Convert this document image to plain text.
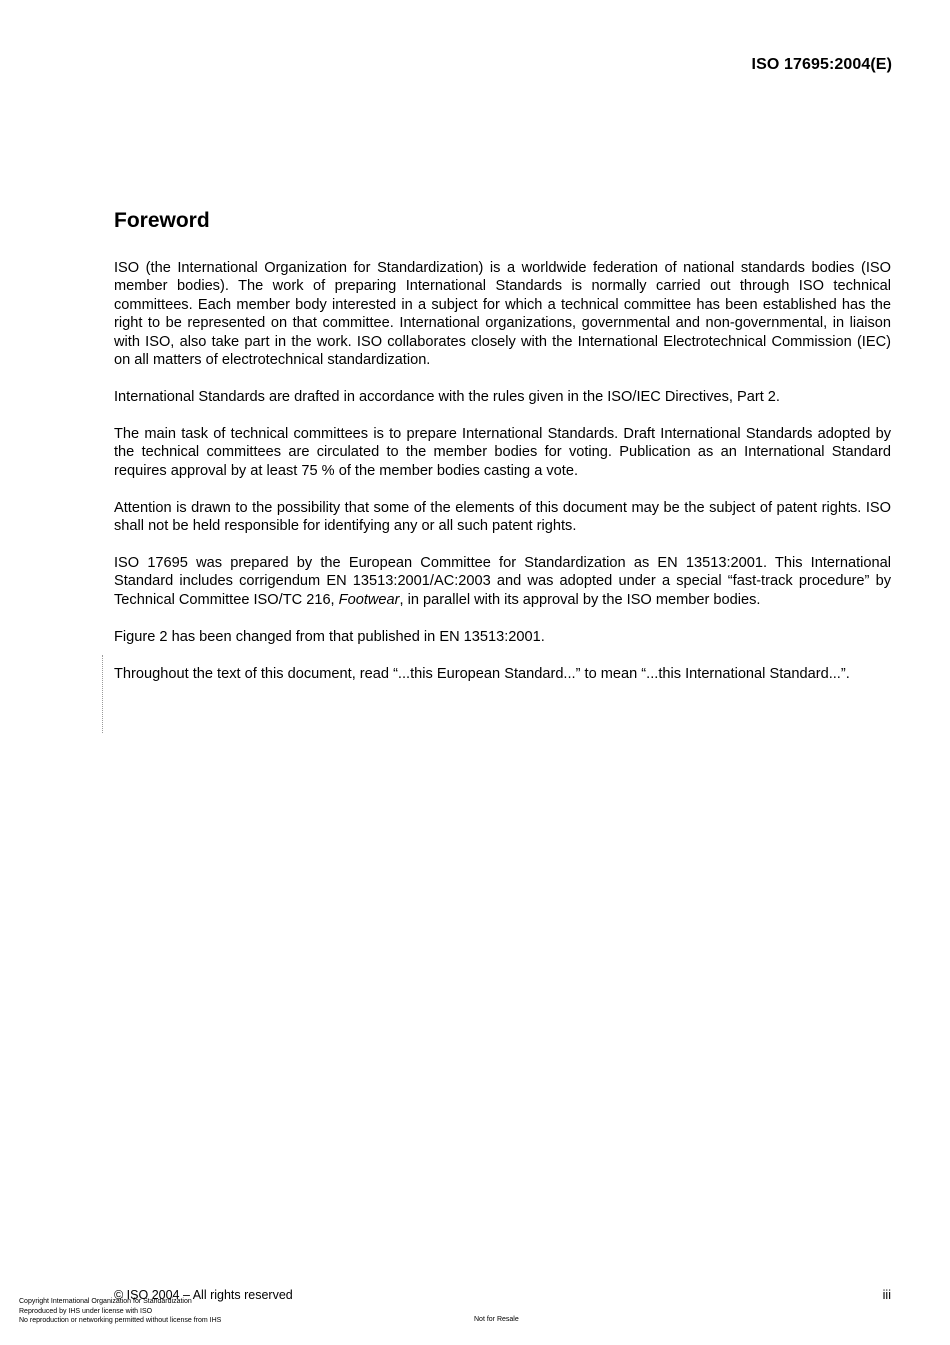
ISO 17695:2004(E)
Foreword

ISO (the International Organization for Standardization) is a worldwide federation of national standards bodies (ISO member bodies). The work of preparing International Standards is normally carried out through ISO technical committees. Each member body interested in a subject for which a technical committee has been established has the right to be represented on that committee. International organizations, governmental and non-governmental, in liaison with ISO, also take part in the work. ISO collaborates closely with the International Electrotechnical Commission (IEC) on all matters of electrotechnical standardization.

International Standards are drafted in accordance with the rules given in the ISO/IEC Directives, Part 2.

The main task of technical committees is to prepare International Standards. Draft International Standards adopted by the technical committees are circulated to the member bodies for voting. Publication as an International Standard requires approval by at least 75 % of the member bodies casting a vote.

Attention is drawn to the possibility that some of the elements of this document may be the subject of patent rights. ISO shall not be held responsible for identifying any or all such patent rights.

ISO 17695 was prepared by the European Committee for Standardization as EN 13513:2001. This International Standard includes corrigendum EN 13513:2001/AC:2003 and was adopted under a special “fast-track procedure” by Technical Committee ISO/TC 216, Footwear, in parallel with its approval by the ISO member bodies.

Figure 2 has been changed from that published in EN 13513:2001.

Throughout the text of this document, read “...this European Standard...” to mean “...this International Standard...”.

© ISO 2004 – All rights reserved	iii
Copyright International Organization for Standardization
Reproduced by IHS under license with ISO
No reproduction or networking permitted without license from IHS	Not for Resale
